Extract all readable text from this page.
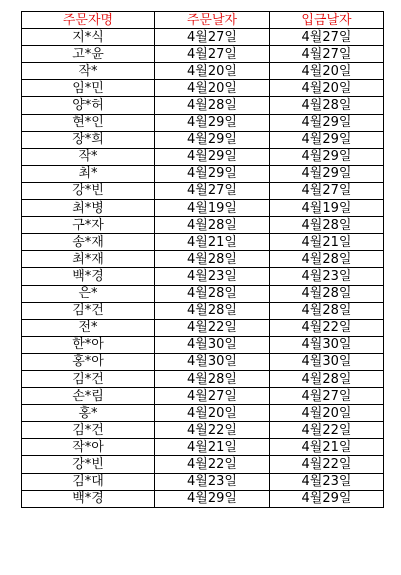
주문자명	주문날자	입금날자
지*식	4월27일	4월27일
고*윤	4월27일	4월27일
작*	4월20일	4월20일
임*민	4월20일	4월20일
양*허	4월28일	4월28일
현*인	4월29일	4월29일
장*희	4월29일	4월29일
작*	4월29일	4월29일
최*	4월29일	4월29일
강*빈	4월27일	4월27일
최*병	4월19일	4월19일
구*자	4월28일	4월28일
송*재	4월21일	4월21일
최*재	4월28일	4월28일
백*경	4월23일	4월23일
은*	4월28일	4월28일
김*건	4월28일	4월28일
전*	4월22일	4월22일
한*아	4월30일	4월30일
홍*아	4월30일	4월30일
김*건	4월28일	4월28일
손*림	4월27일	4월27일
홍*	4월20일	4월20일
김*건	4월22일	4월22일
작*아	4월21일	4월21일
강*빈	4월22일	4월22일
김*대	4월23일	4월23일
백*경	4월29일	4월29일
